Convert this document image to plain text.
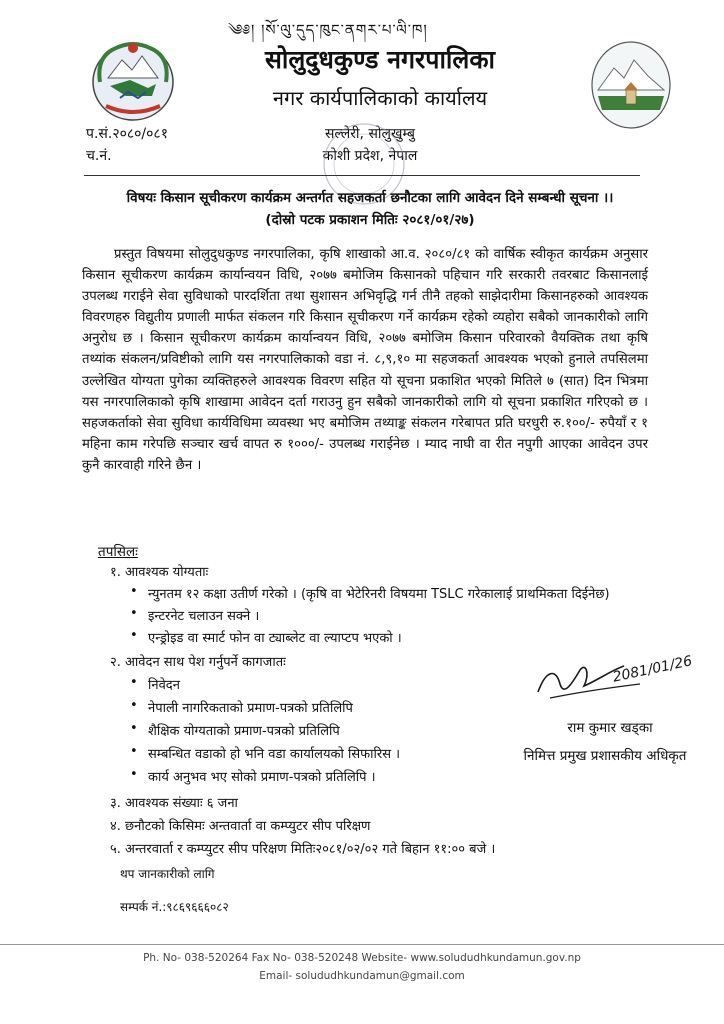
༄༅། །སོ་ལུ་དུད་ཁུང་ནགར་པ་ལི་ཁ།
सोलुदुधकुण्ड नगरपालिका
नगर कार्यपालिकाको कार्यालय
प.सं.२०८०/०८१
च.नं.
सल्लेरी, सोलुखुम्बु
कोशी प्रदेश, नेपाल
विषयः किसान सूचीकरण कार्यक्रम अन्तर्गत सहजकर्ता छनौटका लागि आवेदन दिने सम्बन्धी सूचना ।।
(दोस्रो पटक प्रकाशन मितिः २०८१/०१/२७)
प्रस्तुत विषयमा सोलुदुधकुण्ड नगरपालिका, कृषि शाखाको आ.व. २०८०/८१ को वार्षिक स्वीकृत कार्यक्रम अनुसार किसान सूचीकरण कार्यक्रम कार्यान्वयन विधि, २०७७ बमोजिम किसानको पहिचान गरि सरकारी तवरबाट किसानलाई उपलब्ध गराईने सेवा सुविधाको पारदर्शिता तथा सुशासन अभिवृद्धि गर्न तीनै तहको साझेदारीमा किसानहरुको आवश्यक विवरणहरु विद्युतीय प्रणाली मार्फत संकलन गरि किसान सूचीकरण गर्ने कार्यक्रम रहेको व्यहोरा सबैको जानकारीको लागि अनुरोध छ । किसान सूचीकरण कार्यक्रम कार्यान्वयन विधि, २०७७ बमोजिम किसान परिवारको वैयक्तिक तथा कृषि तथ्यांक संकलन/प्रविष्टीको लागि यस नगरपालिकाको वडा नं. ८,९,१० मा सहजकर्ता आवश्यक भएको हुनाले तपसिलमा उल्लेखित योग्यता पुगेका व्यक्तिहरुले आवश्यक विवरण सहित यो सूचना प्रकाशित भएको मितिले ७ (सात) दिन भित्रमा यस नगरपालिकाको कृषि शाखामा आवेदन दर्ता गराउनु हुन सबैको जानकारीको लागि यो सूचना प्रकाशित गरिएको छ ।सहजकर्ताको सेवा सुविधा कार्यविधिमा व्यवस्था भए बमोजिम तथ्याङ्क संकलन गरेबापत प्रति घरधुरी रु.१००/- रुपैयाँ र १ महिना काम गरेपछि सञ्चार खर्च वापत रु १०००/- उपलब्ध गराईनेछ । म्याद नाघी वा रीत नपुगी आएका आवेदन उपर कुनै कारवाही गरिने छैन ।
तपसिलः
१. आवश्यक योग्यताः
• न्युनतम १२ कक्षा उतीर्ण गरेको । (कृषि वा भेटेरिनरी विषयमा TSLC गरेकालाई प्राथमिकता दिईनेछ)
• इन्टरनेट चलाउन सक्ने ।
• एन्ड्रोइड वा स्मार्ट फोन वा ट्याब्लेट वा ल्याप्टप भएको ।
२. आवेदन साथ पेश गर्नुपर्ने कागजातः
• निवेदन
• नेपाली नागरिकताको प्रमाण-पत्रको प्रतिलिपि
• शैक्षिक योग्यताको प्रमाण-पत्रको प्रतिलिपि
• सम्बन्धित वडाको हो भनि वडा कार्यालयको सिफारिस ।
• कार्य अनुभव भए सोको प्रमाण-पत्रको प्रतिलिपि ।
३. आवश्यक संख्याः ६ जना
४. छनौटको किसिमः अन्तवार्ता वा कम्प्युटर सीप परिक्षण
५. अन्तरवार्ता र कम्प्युटर सीप परिक्षण मितिः२०८१/०२/०२ गते बिहान ११:०० बजे ।
2081/01/26
राम कुमार खड्का
निमित्त प्रमुख प्रशासकीय अधिकृत
थप जानकारीको लागि
सम्पर्क नं.:९८६९६६६०८२
Ph. No- 038-520264 Fax No- 038-520248 Website- www.solududhkundamun.gov.np
Email- solududhkundamun@gmail.com
